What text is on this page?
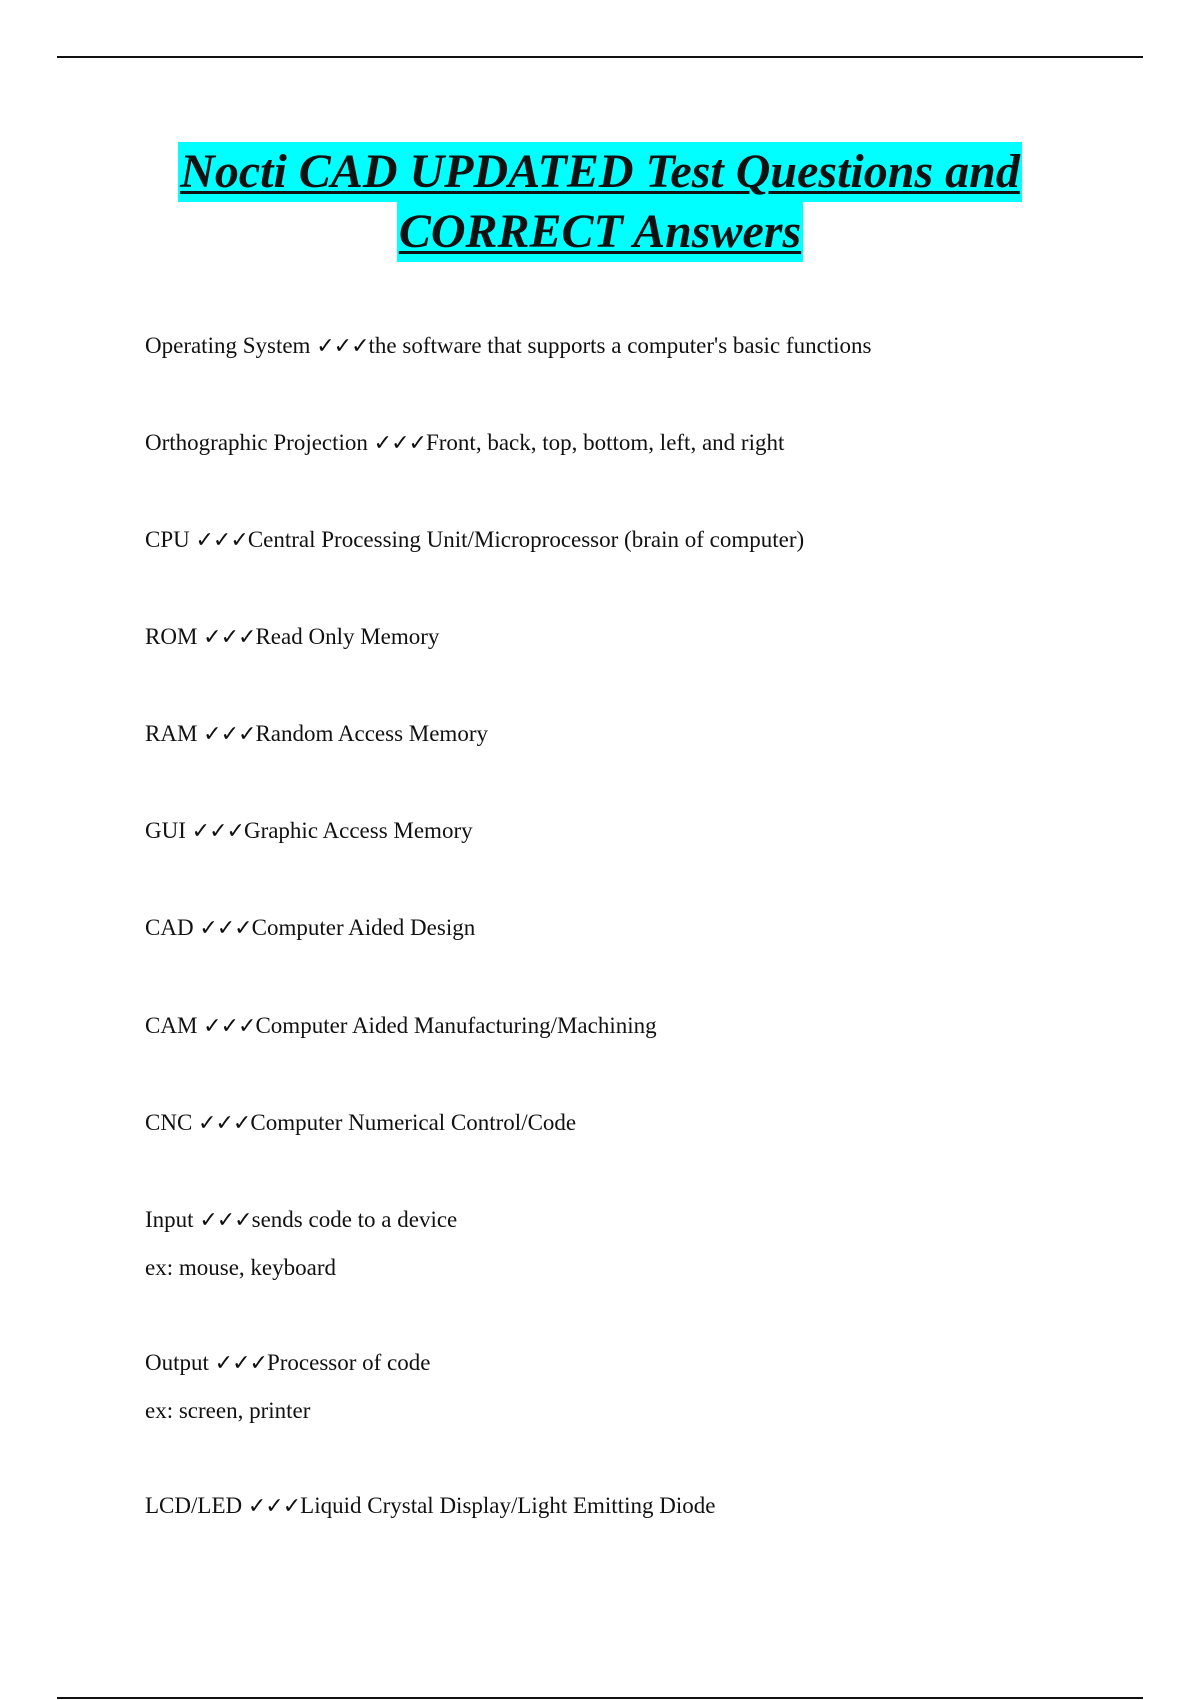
Nocti CAD UPDATED Test Questions and
CORRECT Answers
Operating System ✓✓✓the software that supports a computer's basic functions
Orthographic Projection ✓✓✓Front, back, top, bottom, left, and right
CPU ✓✓✓Central Processing Unit/Microprocessor (brain of computer)
ROM ✓✓✓Read Only Memory
RAM ✓✓✓Random Access Memory
GUI ✓✓✓Graphic Access Memory
CAD ✓✓✓Computer Aided Design
CAM ✓✓✓Computer Aided Manufacturing/Machining
CNC ✓✓✓Computer Numerical Control/Code
Input ✓✓✓sends code to a device
ex: mouse, keyboard
Output ✓✓✓Processor of code
ex: screen, printer
LCD/LED ✓✓✓Liquid Crystal Display/Light Emitting Diode
